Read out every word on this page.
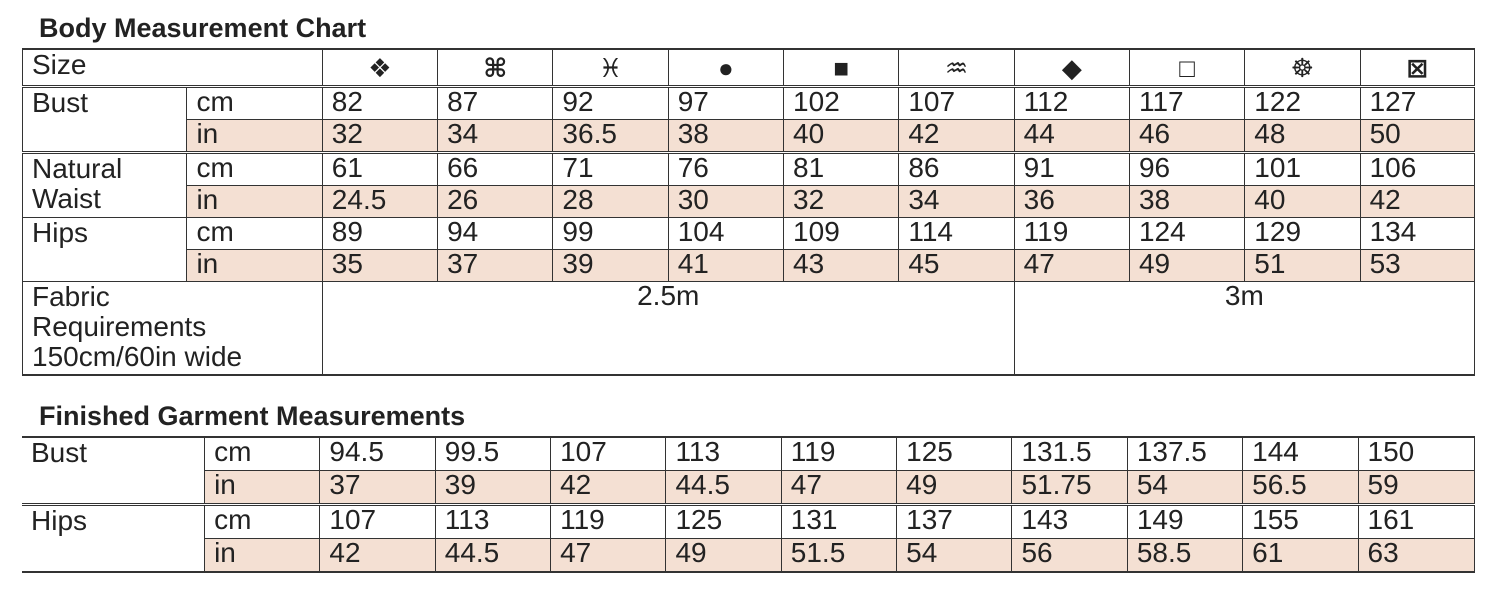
Body Measurement Chart
Size		❖	⌘	♓	●	■	♒	◆	□	☸	⊠
Bust	cm	82	87	92	97	102	107	112	117	122	127
	in	32	34	36.5	38	40	42	44	46	48	50
Natural Waist	cm	61	66	71	76	81	86	91	96	101	106
	in	24.5	26	28	30	32	34	36	38	40	42
Hips	cm	89	94	99	104	109	114	119	124	129	134
	in	35	37	39	41	43	45	47	49	51	53

Fabric
Requirements
150cm/60in wide		2.5m						3m			
Finished Garment Measurements
Bust	cm	94.5	99.5	107	113	119	125	131.5	137.5	144	150
	in	37	39	42	44.5	47	49	51.75	54	56.5	59
Hips	cm	107	113	119	125	131	137	143	149	155	161
	in	42	44.5	47	49	51.5	54	56	58.5	61	63
